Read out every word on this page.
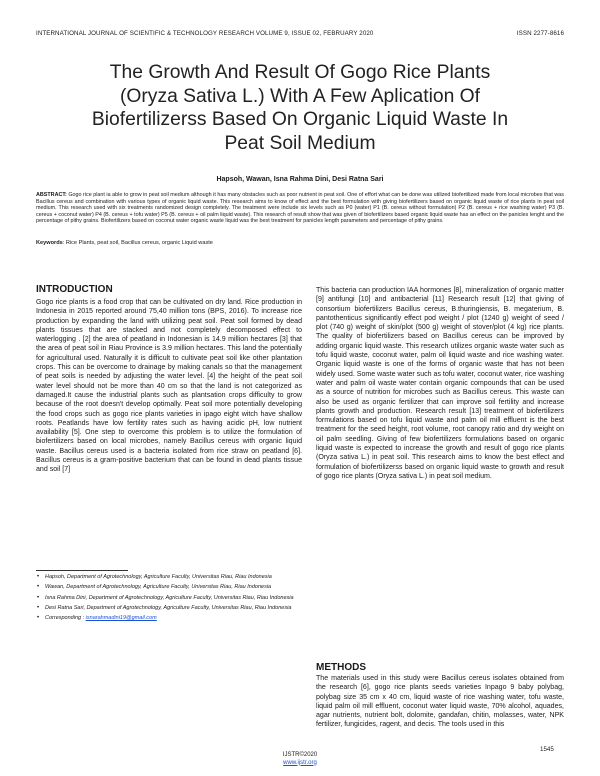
INTERNATIONAL JOURNAL OF SCIENTIFIC & TECHNOLOGY RESEARCH VOLUME 9, ISSUE 02, FEBRUARY 2020	ISSN 2277-8616
The Growth And Result Of Gogo Rice Plants
(Oryza Sativa L.) With A Few Aplication Of
Biofertilizerss Based On Organic Liquid Waste In
Peat Soil Medium
Hapsoh, Wawan, Isna Rahma Dini, Desi Ratna Sari
ABSTRACT: Gogo rice plant ia able to grow in peat soil medium although it has many obstacles such as poor nutrient in peat soil. One of effort what can be done was utilized biofertilized made from local microbes that was Bacillus cereus and combination with various types of organic liquid waste. This research aims to know of effect and the best formulation with giving biofertilizers based on organic liquid waste of rice plants in peat soil medium. This research used with six treatments randomized design completely. The treatment were include six levels such as P0 (water) P1 (B. cereus without formulation) P2 (B. cereus + rice washing water) P3 (B. cereus + coconut water) P4 (B. cereus + tofu water) P5 (B. cereus + oil palm liquid waste). This research of result show that was given of biofertilizers based organic liquid waste has an effect on the panicles lenght and the percentage of pithy grains. Biofertilizers based on coconut water organic waste liquid was the best treatment for panicles length parameters and percentage of pithy grains.
Keywords: Rice Plants, peat soil, Bacillus cereus, organic Liquid waste
INTRODUCTION
Gogo rice plants is a food crop that can be cultivated on dry land. Rice production in Indonesia in 2015 reported around 75,40 million tons (BPS, 2016). To increase rice production by expanding the land with utilizing peat soil. Peat soil formed by dead plants tissues that are stacked and not completely decomposed effect to waterlogging . [2] the area of peatland in Indonesian is 14.9 million hectares [3] that the area of peat soil in Riau Province is 3.9 million hectares. This land the potentially for agricultural used. Naturally it is difficult to cultivate peat soil like other plantation crops. This can be overcome to drainage by making canals so that the management of peat soils is needed by adjusting the water level. [4] the height of the peat soil water level should not be more than 40 cm so that the land is not categorized as damaged.It cause the industrial plants such as plantsation crops difficulty to grow because of the root doesn't develop optimally. Peat soil more potentially developing the food crops such as gogo rice plants varieties in ipago eight witch have shallow roots. Peatlands have low fertility rates such as having acidic pH, low nutrient availability [5]. One step to overcome this problem is to utilize the formulation of biofertilizers based on local microbes, namely Bacillus cereus with organic liquid waste. Bacillus cereus used is a bacteria isolated from rice straw on peatland [6]. Bacillus cereus is a gram-positive bacterium that can be found in dead plants tissue and soil [7]
• Hapsoh, Department of Agrotechnology, Agriculture Faculty, Universitas Riau, Riau Indonesia
• Wawan, Department of Agrotechnology, Agriculture Faculty, Universitas Riau, Riau Indonesia
• Isna Rahma Dini, Department of Agrotechnology, Agriculture Faculty, Universitas Riau, Riau Indonesia
• Desi Ratna Sari, Department of Agrotechnology, Agriculture Faculty, Universitas Riau, Riau Indonesia
• Corresponding : isnarahmadini19@gmail.com
This bacteria can production IAA hormones [8], mineralization of organic matter [9] antifungi [10] and antibacterial [11] Research result [12] that giving of consortium biofertilizers Bacillus cereus, B.thuringiensis, B. megaterium, B. pantothenticus significantly effect pod weight / plot (1240 g) weight of seed / plot (740 g) weight of skin/plot (500 g) weight of stover/plot (4 kg) rice plants. The quality of biofertilizers based on Bacillus cereus can be improved by adding organic liquid waste. This research utilizes organic waste water such as tofu liquid waste, coconut water, palm oil liquid waste and rice washing water. Organic liquid waste is one of the forms of organic waste that has not been widely used. Some waste water such as tofu water, coconut water, rice washing water and palm oil waste water contain organic compounds that can be used as a source of nutrition for microbes such as Bacillus cereus. This waste can also be used as organic fertilizer that can improve soil fertility and increase plants growth and production. Research result [13] treatment of biofertilizers formulations based on tofu liquid waste and palm oil mill effluent is the best treatment for the seed height, root volume, root canopy ratio and dry weight on oil palm seedling. Giving of few biofertilizers formulations based on organic liquid waste is expected to increase the growth and result of gogo rice plants (Oryza sativa L.) in peat soil. This research aims to know the best effect and formulation of biofertilizerss based on organic liquid waste to growth and result of gogo rice plants (Oryza sativa L.) in peat soil medium.
METHODS
The materials used in this study were Bacillus cereus isolates obtained from the research [6], gogo rice plants seeds varieties Inpago 9 baby polybag, polybag size 35 cm x 40 cm, liquid waste of rice washing water, tofu waste, liquid palm oil mill effluent, coconut water liquid waste, 70% alcohol, aquades, agar nutrients, nutrient bolt, dolomite, gandafan, chitin, molasses, water, NPK fertilizer, fungicides, ragent, and decis. The tools used in this
1545
IJSTR©2020
www.ijstr.org
